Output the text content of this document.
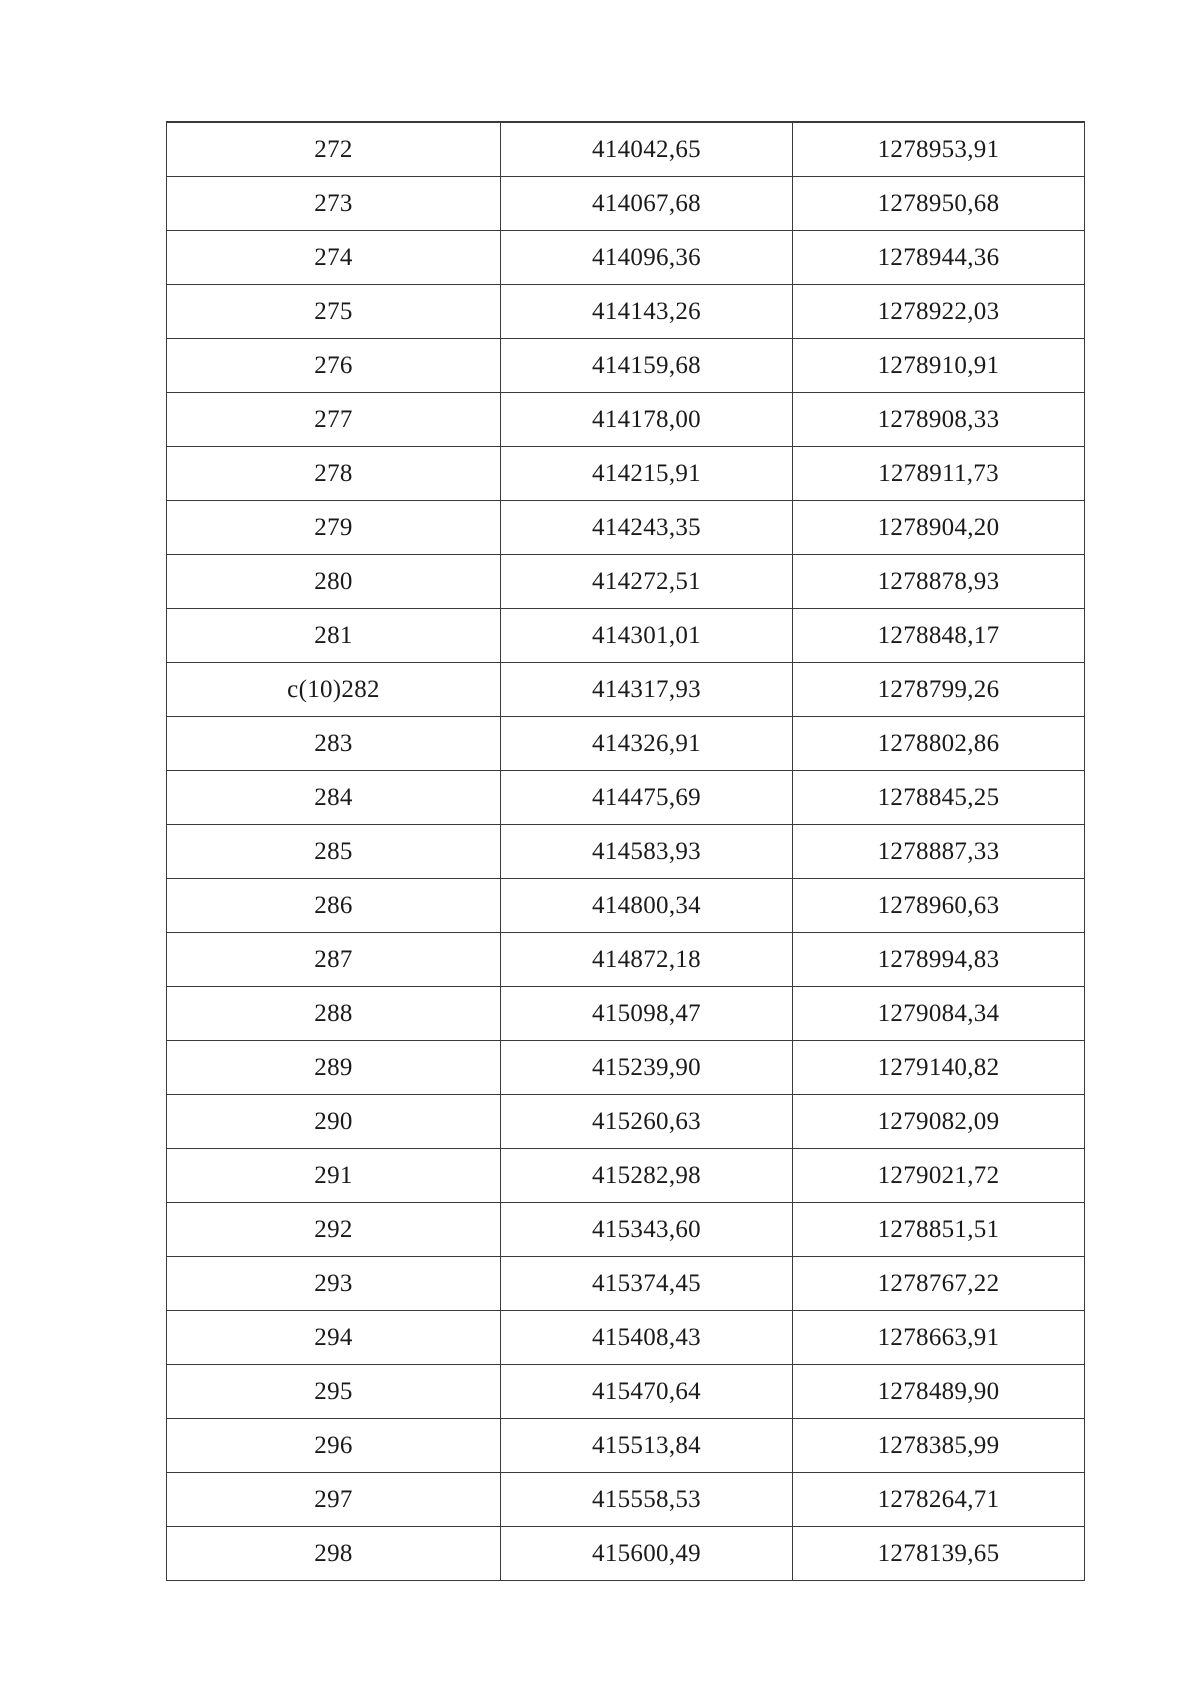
272	414042,65	1278953,91
273	414067,68	1278950,68
274	414096,36	1278944,36
275	414143,26	1278922,03
276	414159,68	1278910,91
277	414178,00	1278908,33
278	414215,91	1278911,73
279	414243,35	1278904,20
280	414272,51	1278878,93
281	414301,01	1278848,17
c(10)282	414317,93	1278799,26
283	414326,91	1278802,86
284	414475,69	1278845,25
285	414583,93	1278887,33
286	414800,34	1278960,63
287	414872,18	1278994,83
288	415098,47	1279084,34
289	415239,90	1279140,82
290	415260,63	1279082,09
291	415282,98	1279021,72
292	415343,60	1278851,51
293	415374,45	1278767,22
294	415408,43	1278663,91
295	415470,64	1278489,90
296	415513,84	1278385,99
297	415558,53	1278264,71
298	415600,49	1278139,65
